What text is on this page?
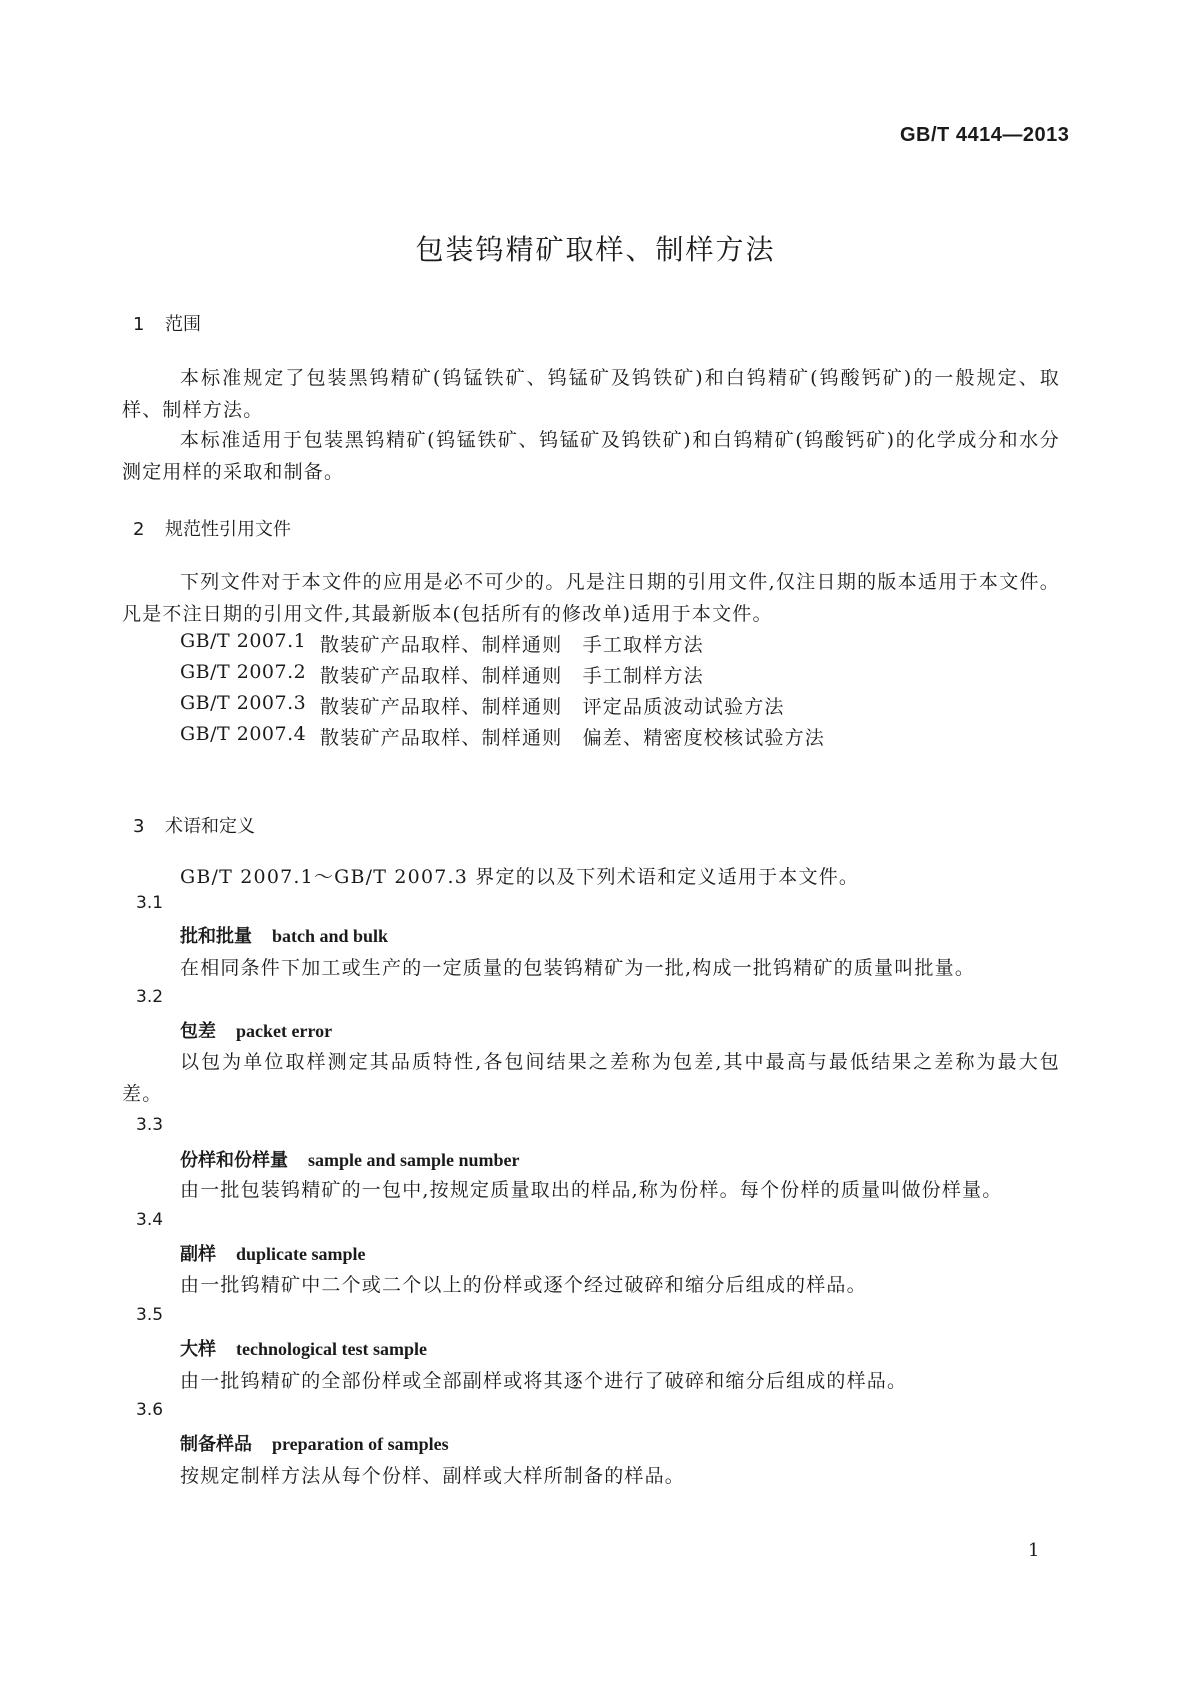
GB/T 4414—2013
包装钨精矿取样、制样方法
1 范围
本标准规定了包装黑钨精矿(钨锰铁矿、钨锰矿及钨铁矿)和白钨精矿(钨酸钙矿)的一般规定、取样、制样方法。
本标准适用于包装黑钨精矿(钨锰铁矿、钨锰矿及钨铁矿)和白钨精矿(钨酸钙矿)的化学成分和水分测定用样的采取和制备。
2 规范性引用文件
下列文件对于本文件的应用是必不可少的。凡是注日期的引用文件,仅注日期的版本适用于本文件。凡是不注日期的引用文件,其最新版本(包括所有的修改单)适用于本文件。
GB/T 2007.1 散装矿产品取样、制样通则　手工取样方法
GB/T 2007.2 散装矿产品取样、制样通则　手工制样方法
GB/T 2007.3 散装矿产品取样、制样通则　评定品质波动试验方法
GB/T 2007.4 散装矿产品取样、制样通则　偏差、精密度校核试验方法
3 术语和定义
GB/T 2007.1～GB/T 2007.3 界定的以及下列术语和定义适用于本文件。
3.1
批和批量 batch and bulk
在相同条件下加工或生产的一定质量的包装钨精矿为一批,构成一批钨精矿的质量叫批量。
3.2
包差 packet error
以包为单位取样测定其品质特性,各包间结果之差称为包差,其中最高与最低结果之差称为最大包差。
3.3
份样和份样量 sample and sample number
由一批包装钨精矿的一包中,按规定质量取出的样品,称为份样。每个份样的质量叫做份样量。
3.4
副样 duplicate sample
由一批钨精矿中二个或二个以上的份样或逐个经过破碎和缩分后组成的样品。
3.5
大样 technological test sample
由一批钨精矿的全部份样或全部副样或将其逐个进行了破碎和缩分后组成的样品。
3.6
制备样品 preparation of samples
按规定制样方法从每个份样、副样或大样所制备的样品。
1
